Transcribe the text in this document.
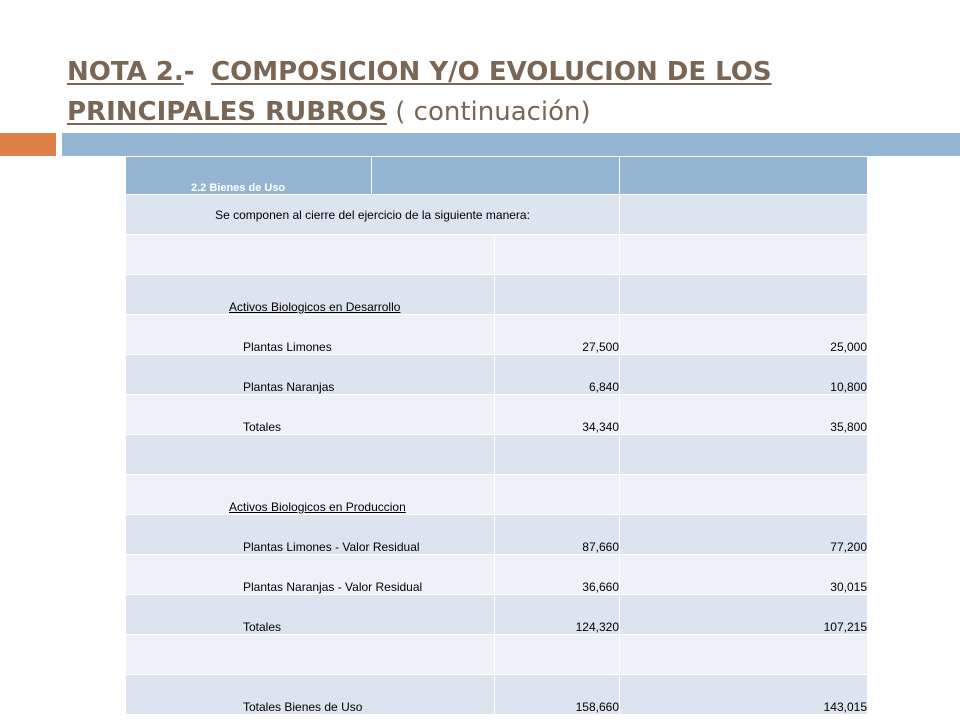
NOTA 2.- COMPOSICION Y/O EVOLUCION DE LOS
PRINCIPALES RUBROS ( continuación)
2.2 Bienes de Uso			
Se componen al cierre del ejercicio de la siguiente manera:			

Activos Biologicos en Desarrollo			
Plantas Limones		27,500	25,000
Plantas Naranjas		6,840	10,800
Totales		34,340	35,800

Activos Biologicos en Produccion			
Plantas Limones - Valor Residual		87,660	77,200
Plantas Naranjas - Valor Residual		36,660	30,015
Totales		124,320	107,215

Totales Bienes de Uso		158,660	143,015
